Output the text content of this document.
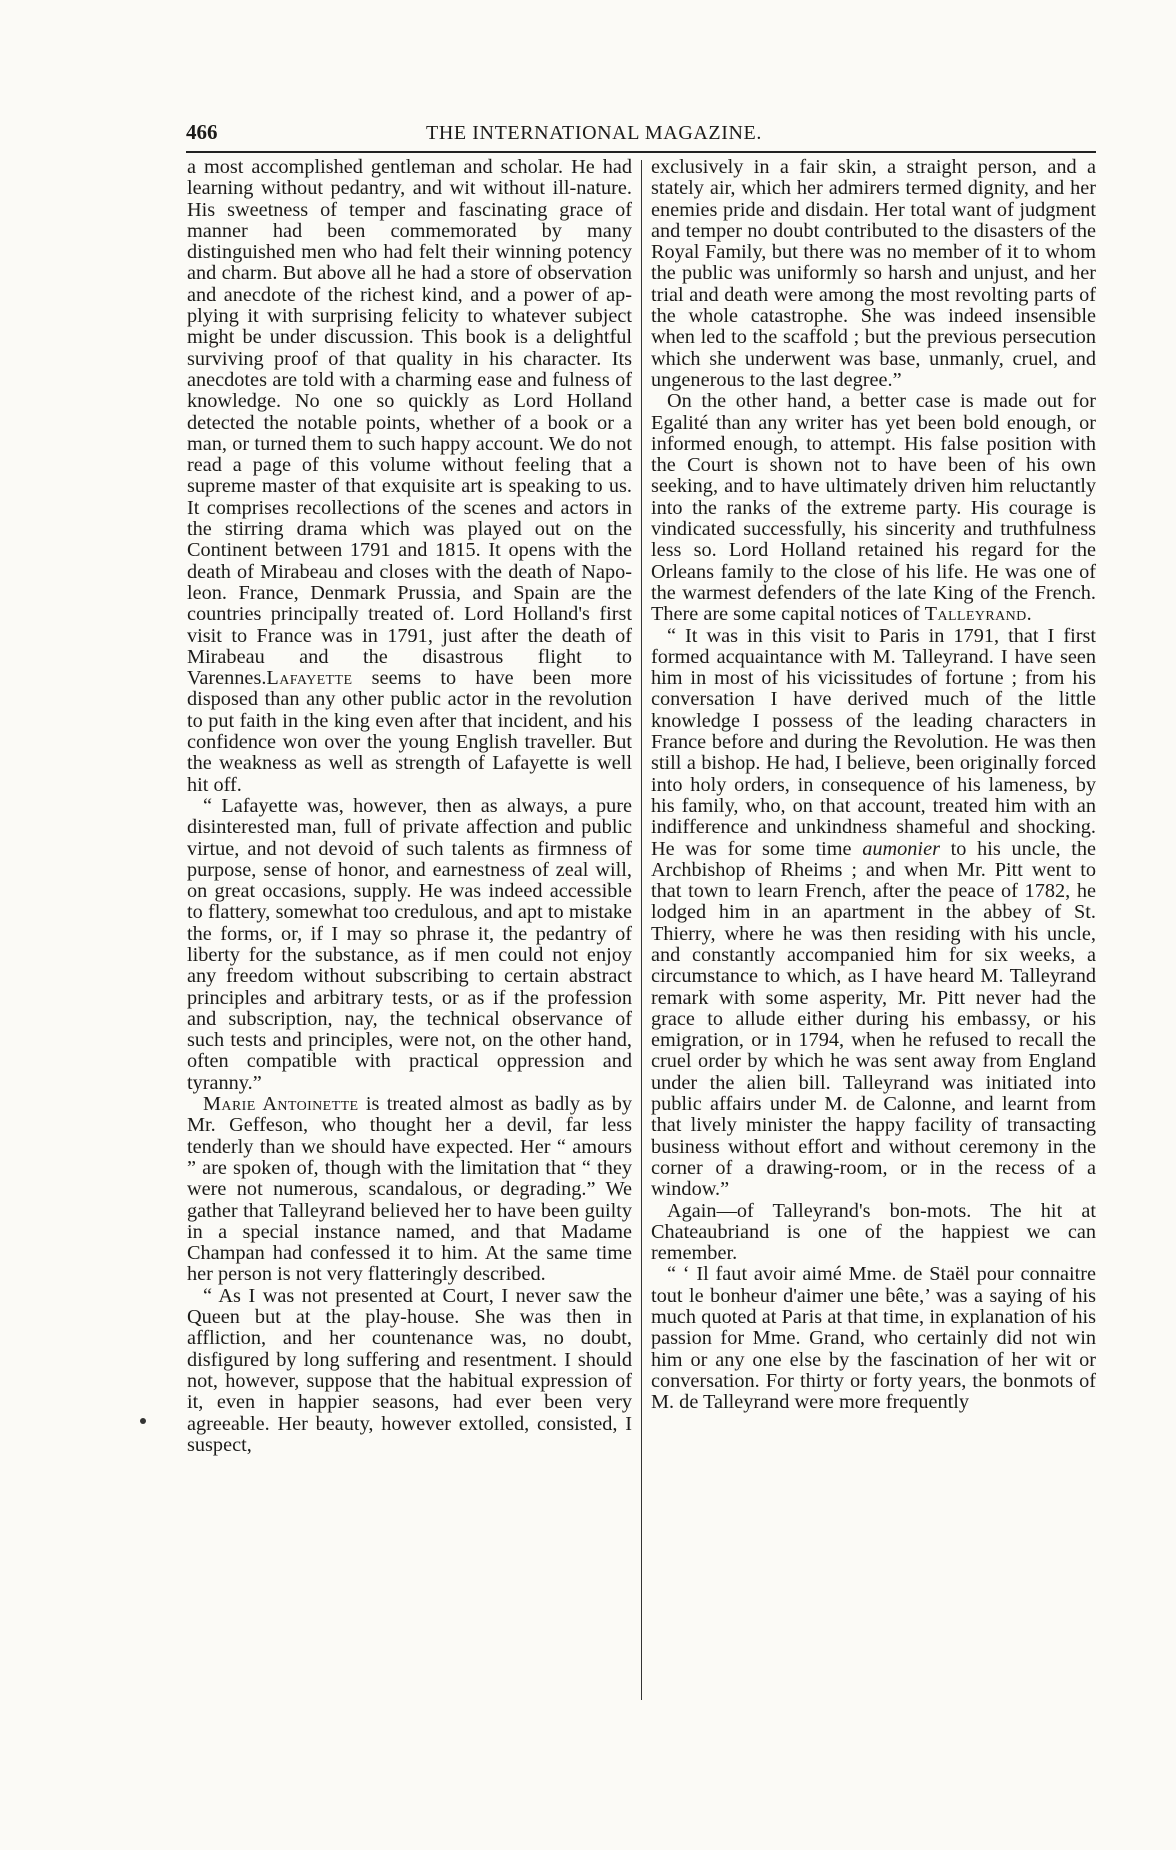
466	THE INTERNATIONAL MAGAZINE.

a most accomplished gentleman and scholar. He had learning without pedantry, and wit without ill-nature. His sweetness of temper and fascinating grace of manner had been commemorated by many distinguished men who had felt their winning potency and charm. But above all he had a store of observation and anecdote of the richest kind, and a power of applying it with surprising felicity to whatever subject might be under discussion. This book is a delightful surviving proof of that quality in his character. Its anecdotes are told with a charming ease and fulness of knowledge. No one so quickly as Lord Holland detected the notable points, whether of a book or a man, or turned them to such happy account. We do not read a page of this volume without feeling that a supreme master of that exquisite art is speaking to us. It comprises recollections of the scenes and actors in the stirring drama which was played out on the Continent between 1791 and 1815. It opens with the death of Mirabeau and closes with the death of Napoleon. France, Denmark Prussia, and Spain are the countries principally treated of. Lord Holland's first visit to France was in 1791, just after the death of Mirabeau and the disastrous flight to Varennes.Lafayette seems to have been more disposed than any other public actor in the revolution to put faith in the king even after that incident, and his confidence won over the young English traveller. But the weakness as well as strength of Lafayette is well hit off.

“ Lafayette was, however, then as always, a pure disinterested man, full of private affection and public virtue, and not devoid of such talents as firmness of purpose, sense of honor, and earnestness of zeal will, on great occasions, supply. He was indeed accessible to flattery, somewhat too credulous, and apt to mistake the forms, or, if I may so phrase it, the pedantry of liberty for the substance, as if men could not enjoy any freedom without subscribing to certain abstract principles and arbitrary tests, or as if the profession and subscription, nay, the technical observance of such tests and principles, were not, on the other hand, often compatible with practical oppression and tyranny.”

Marie Antoinette is treated almost as badly as by Mr. Geffeson, who thought her a devil, far less tenderly than we should have expected. Her “ amours ” are spoken of, though with the limitation that “ they were not numerous, scandalous, or degrading.” We gather that Talleyrand believed her to have been guilty in a special instance named, and that Madame Champan had confessed it to him. At the same time her person is not very flatteringly described.

“ As I was not presented at Court, I never saw the Queen but at the play-house. She was then in affliction, and her countenance was, no doubt, disfigured by long suffering and resentment. I should not, however, suppose that the habitual expression of it, even in happier seasons, had ever been very agreeable. Her beauty, however extolled, consisted, I suspect,

exclusively in a fair skin, a straight person, and a stately air, which her admirers termed dignity, and her enemies pride and disdain. Her total want of judgment and temper no doubt contributed to the disasters of the Royal Family, but there was no member of it to whom the public was uniformly so harsh and unjust, and her trial and death were among the most revolting parts of the whole catastrophe. She was indeed insensible when led to the scaffold ; but the previous persecution which she underwent was base, unmanly, cruel, and ungenerous to the last degree.”

On the other hand, a better case is made out for Egalité than any writer has yet been bold enough, or informed enough, to attempt. His false position with the Court is shown not to have been of his own seeking, and to have ultimately driven him reluctantly into the ranks of the extreme party. His courage is vindicated successfully, his sincerity and truthfulness less so. Lord Holland retained his regard for the Orleans family to the close of his life. He was one of the warmest defenders of the late King of the French. There are some capital notices of Talleyrand.

“ It was in this visit to Paris in 1791, that I first formed acquaintance with M. Talleyrand. I have seen him in most of his vicissitudes of fortune ; from his conversation I have derived much of the little knowledge I possess of the leading characters in France before and during the Revolution. He was then still a bishop. He had, I believe, been originally forced into holy orders, in consequence of his lameness, by his family, who, on that account, treated him with an indifference and unkindness shameful and shocking. He was for some time aumonier to his uncle, the Archbishop of Rheims ; and when Mr. Pitt went to that town to learn French, after the peace of 1782, he lodged him in an apartment in the abbey of St. Thierry, where he was then residing with his uncle, and constantly accompanied him for six weeks, a circumstance to which, as I have heard M. Talleyrand remark with some asperity, Mr. Pitt never had the grace to allude either during his embassy, or his emigration, or in 1794, when he refused to recall the cruel order by which he was sent away from England under the alien bill. Talleyrand was initiated into public affairs under M. de Calonne, and learnt from that lively minister the happy facility of transacting business without effort and without ceremony in the corner of a drawing-room, or in the recess of a window.”

Again—of Talleyrand's bon-mots. The hit at Chateaubriand is one of the happiest we can remember.

“ ‘ Il faut avoir aimé Mme. de Staël pour connaitre tout le bonheur d'aimer une bête,’ was a saying of his much quoted at Paris at that time, in explanation of his passion for Mme. Grand, who certainly did not win him or any one else by the fascination of her wit or conversation. For thirty or forty years, the bonmots of M. de Talleyrand were more frequently
